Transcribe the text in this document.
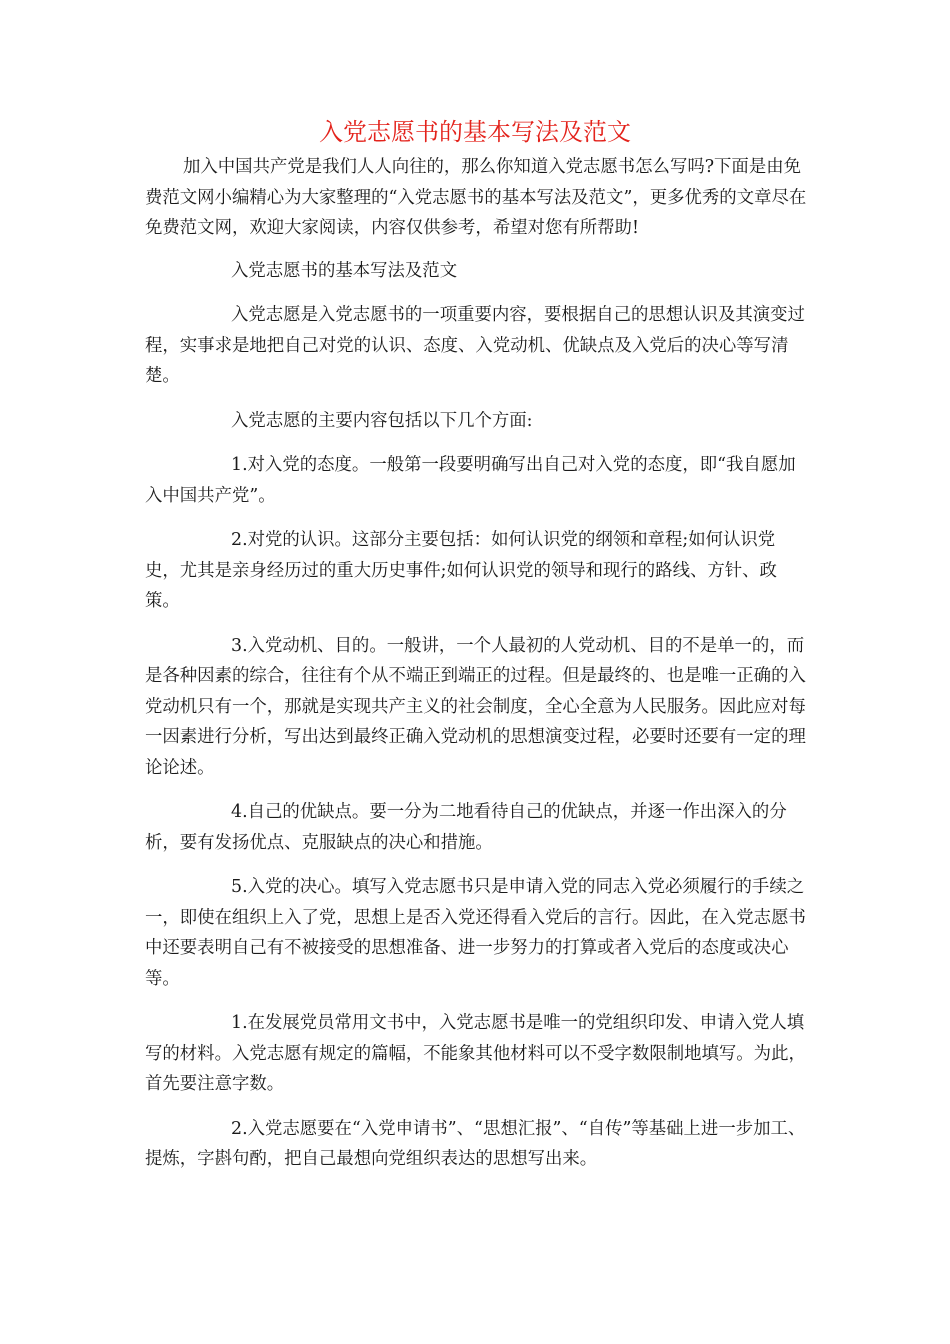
入党志愿书的基本写法及范文

加入中国共产党是我们人人向往的，那么你知道入党志愿书怎么写吗?下面是由免费范文网小编精心为大家整理的“入党志愿书的基本写法及范文”，更多优秀的文章尽在免费范文网，欢迎大家阅读，内容仅供参考，希望对您有所帮助!

入党志愿书的基本写法及范文

入党志愿是入党志愿书的一项重要内容，要根据自己的思想认识及其演变过程，实事求是地把自己对党的认识、态度、入党动机、优缺点及入党后的决心等写清楚。

入党志愿的主要内容包括以下几个方面:

1.对入党的态度。一般第一段要明确写出自己对入党的态度，即“我自愿加入中国共产党”。

2.对党的认识。这部分主要包括：如何认识党的纲领和章程;如何认识党史，尤其是亲身经历过的重大历史事件;如何认识党的领导和现行的路线、方针、政策。

3.入党动机、目的。一般讲，一个人最初的人党动机、目的不是单一的，而是各种因素的综合，往往有个从不端正到端正的过程。但是最终的、也是唯一正确的入党动机只有一个，那就是实现共产主义的社会制度，全心全意为人民服务。因此应对每一因素进行分析，写出达到最终正确入党动机的思想演变过程，必要时还要有一定的理论论述。

4.自己的优缺点。要一分为二地看待自己的优缺点，并逐一作出深入的分析，要有发扬优点、克服缺点的决心和措施。

5.入党的决心。填写入党志愿书只是申请入党的同志入党必须履行的手续之一，即使在组织上入了党，思想上是否入党还得看入党后的言行。因此，在入党志愿书中还要表明自己有不被接受的思想准备、进一步努力的打算或者入党后的态度或决心等。

1.在发展党员常用文书中，入党志愿书是唯一的党组织印发、申请入党人填写的材料。入党志愿有规定的篇幅，不能象其他材料可以不受字数限制地填写。为此，首先要注意字数。

2.入党志愿要在“入党申请书”、“思想汇报”、“自传”等基础上进一步加工、提炼，字斟句酌，把自己最想向党组织表达的思想写出来。
